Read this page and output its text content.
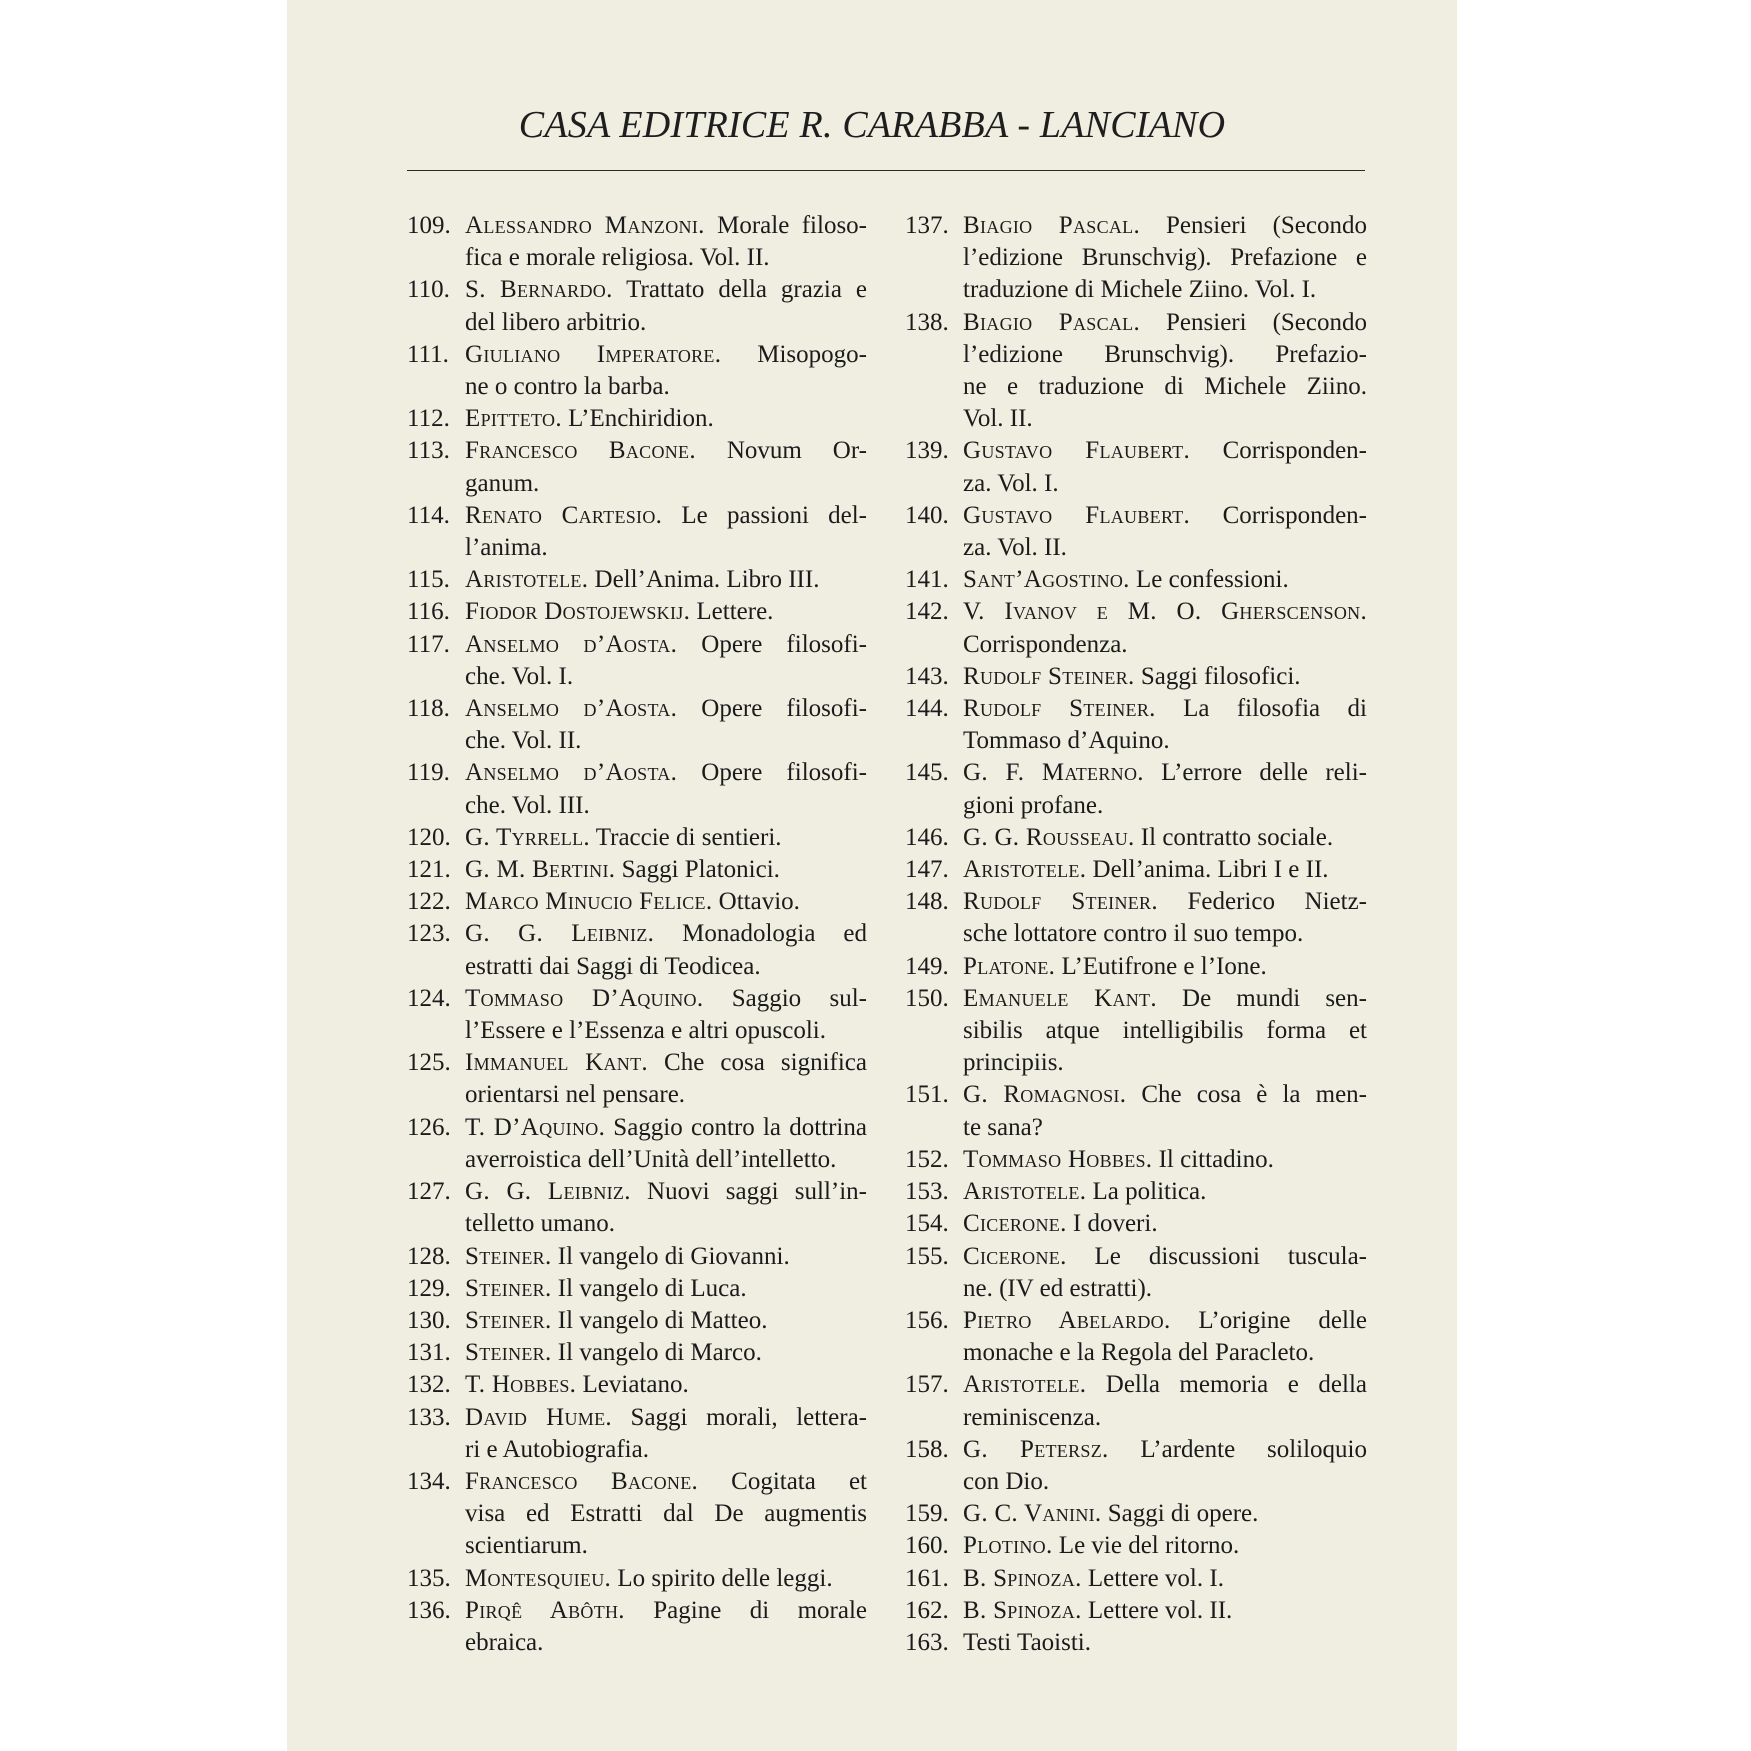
CASA EDITRICE R. CARABBA - LANCIANO
109. Alessandro Manzoni. Morale filoso-
fica e morale religiosa. Vol. II.
110. S. Bernardo. Trattato della grazia e
del libero arbitrio.
111. Giuliano Imperatore. Misopogo-
ne o contro la barba.
112. Epitteto. L’Enchiridion.
113. Francesco Bacone. Novum Or-
ganum.
114. Renato Cartesio. Le passioni del-
l’anima.
115. Aristotele. Dell’Anima. Libro III.
116. Fiodor Dostojewskij. Lettere.
117. Anselmo d’Aosta. Opere filosofi-
che. Vol. I.
118. Anselmo d’Aosta. Opere filosofi-
che. Vol. II.
119. Anselmo d’Aosta. Opere filosofi-
che. Vol. III.
120. G. Tyrrell. Traccie di sentieri.
121. G. M. Bertini. Saggi Platonici.
122. Marco Minucio Felice. Ottavio.
123. G. G. Leibniz. Monadologia ed
estratti dai Saggi di Teodicea.
124. Tommaso D’Aquino. Saggio sul-
l’Essere e l’Essenza e altri opuscoli.
125. Immanuel Kant. Che cosa significa
orientarsi nel pensare.
126. T. D’Aquino. Saggio contro la dottrina
averroistica dell’Unità dell’intelletto.
127. G. G. Leibniz. Nuovi saggi sull’in-
telletto umano.
128. Steiner. Il vangelo di Giovanni.
129. Steiner. Il vangelo di Luca.
130. Steiner. Il vangelo di Matteo.
131. Steiner. Il vangelo di Marco.
132. T. Hobbes. Leviatano.
133. David Hume. Saggi morali, lettera-
ri e Autobiografia.
134. Francesco Bacone. Cogitata et
visa ed Estratti dal De augmentis
scientiarum.
135. Montesquieu. Lo spirito delle leggi.
136. Pirqê Abôth. Pagine di morale
ebraica.
137. Biagio Pascal. Pensieri (Secondo
l’edizione Brunschvig). Prefazione e
traduzione di Michele Ziino. Vol. I.
138. Biagio Pascal. Pensieri (Secondo
l’edizione Brunschvig). Prefazio-
ne e traduzione di Michele Ziino.
Vol. II.
139. Gustavo Flaubert. Corrisponden-
za. Vol. I.
140. Gustavo Flaubert. Corrisponden-
za. Vol. II.
141. Sant’Agostino. Le confessioni.
142. V. Ivanov e M. O. Gherscenson.
Corrispondenza.
143. Rudolf Steiner. Saggi filosofici.
144. Rudolf Steiner. La filosofia di
Tommaso d’Aquino.
145. G. F. Materno. L’errore delle reli-
gioni profane.
146. G. G. Rousseau. Il contratto sociale.
147. Aristotele. Dell’anima. Libri I e II.
148. Rudolf Steiner. Federico Nietz-
sche lottatore contro il suo tempo.
149. Platone. L’Eutifrone e l’Ione.
150. Emanuele Kant. De mundi sen-
sibilis atque intelligibilis forma et
principiis.
151. G. Romagnosi. Che cosa è la men-
te sana?
152. Tommaso Hobbes. Il cittadino.
153. Aristotele. La politica.
154. Cicerone. I doveri.
155. Cicerone. Le discussioni tuscula-
ne. (IV ed estratti).
156. Pietro Abelardo. L’origine delle
monache e la Regola del Paracleto.
157. Aristotele. Della memoria e della
reminiscenza.
158. G. Petersz. L’ardente soliloquio
con Dio.
159. G. C. Vanini. Saggi di opere.
160. Plotino. Le vie del ritorno.
161. B. Spinoza. Lettere vol. I.
162. B. Spinoza. Lettere vol. II.
163. Testi Taoisti.
